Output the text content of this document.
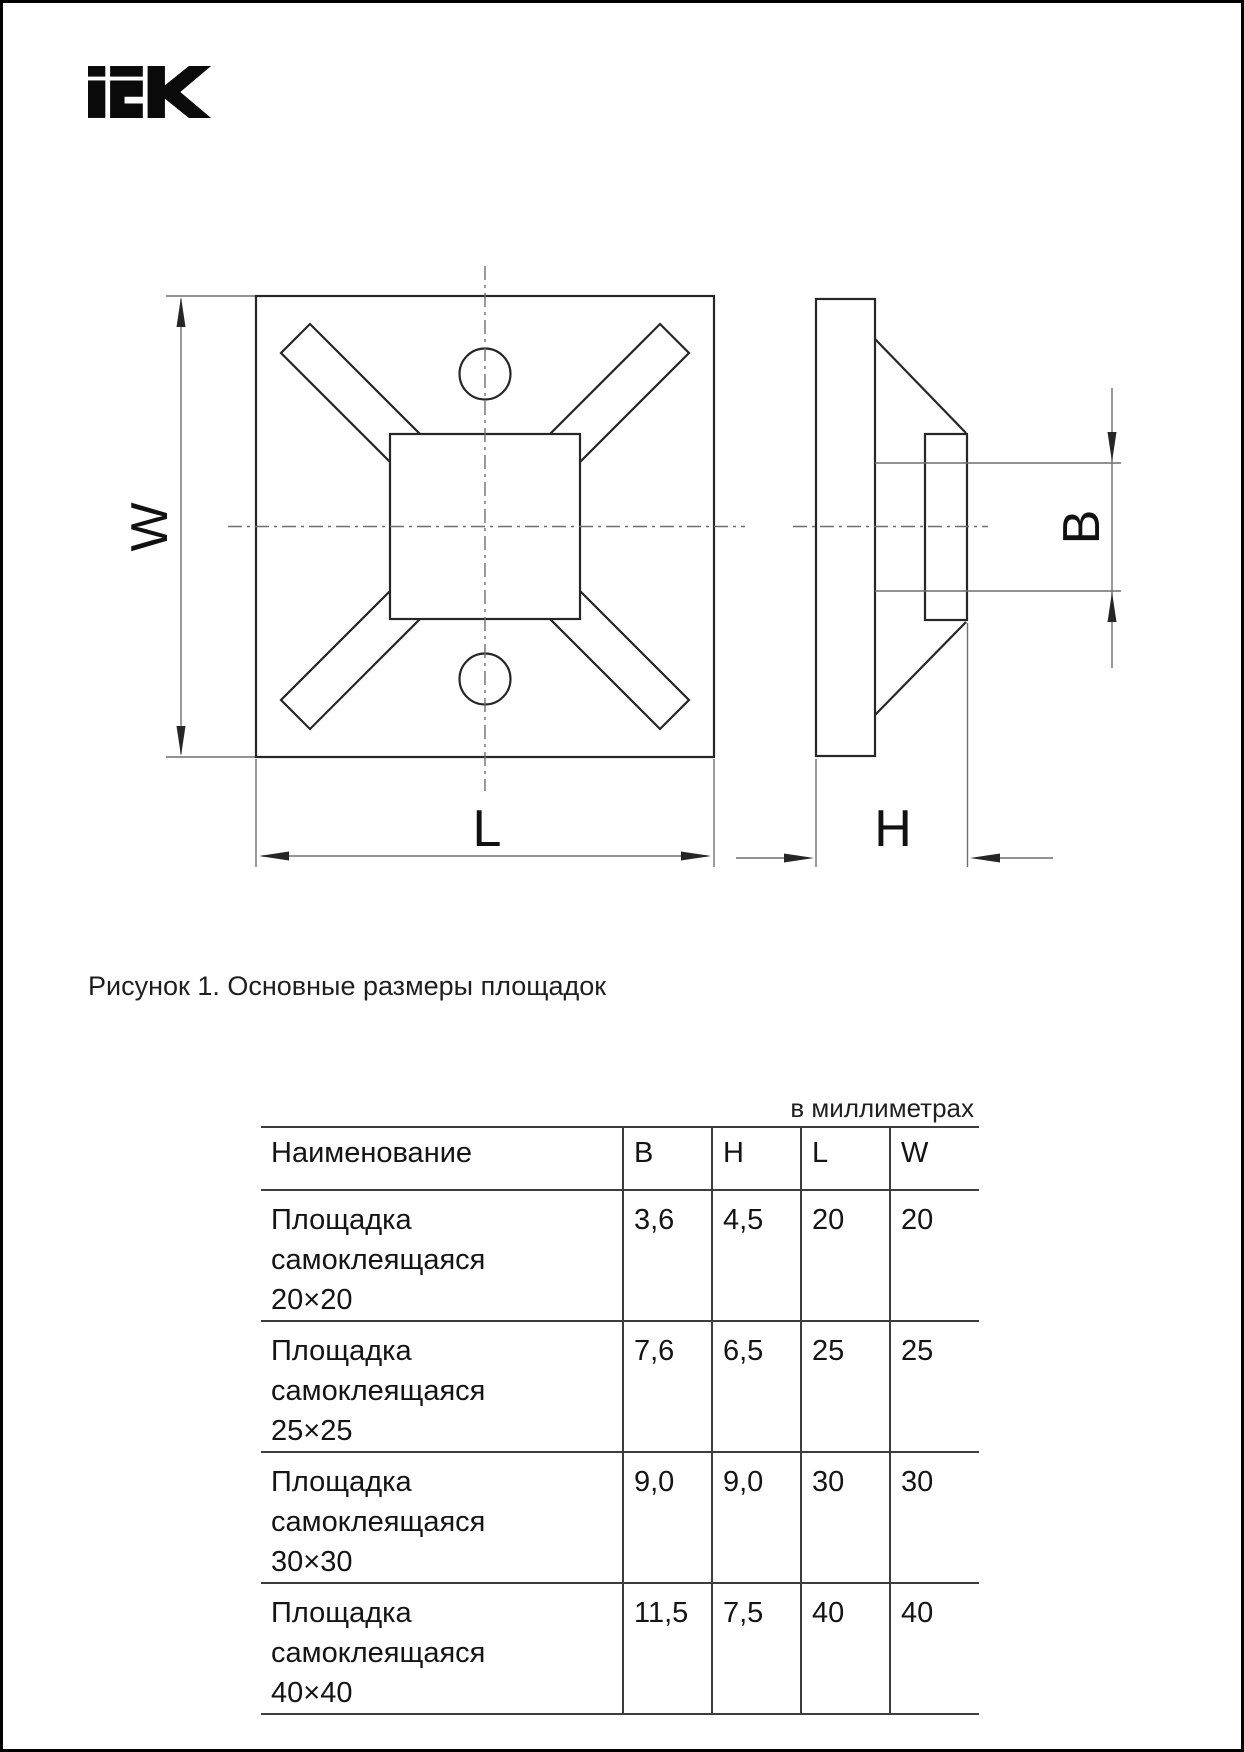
W
L	H
B
Рисунок 1. Основные размеры площадок
в миллиметрах
Наименование	B	H	L	W
Площадка самоклеящаяся
20×20	3,6	4,5	20	20
Площадка самоклеящаяся
25×25	7,6	6,5	25	25
Площадка самоклеящаяся
30×30	9,0	9,0	30	30
Площадка самоклеящаяся
40×40	11,5	7,5	40	40
